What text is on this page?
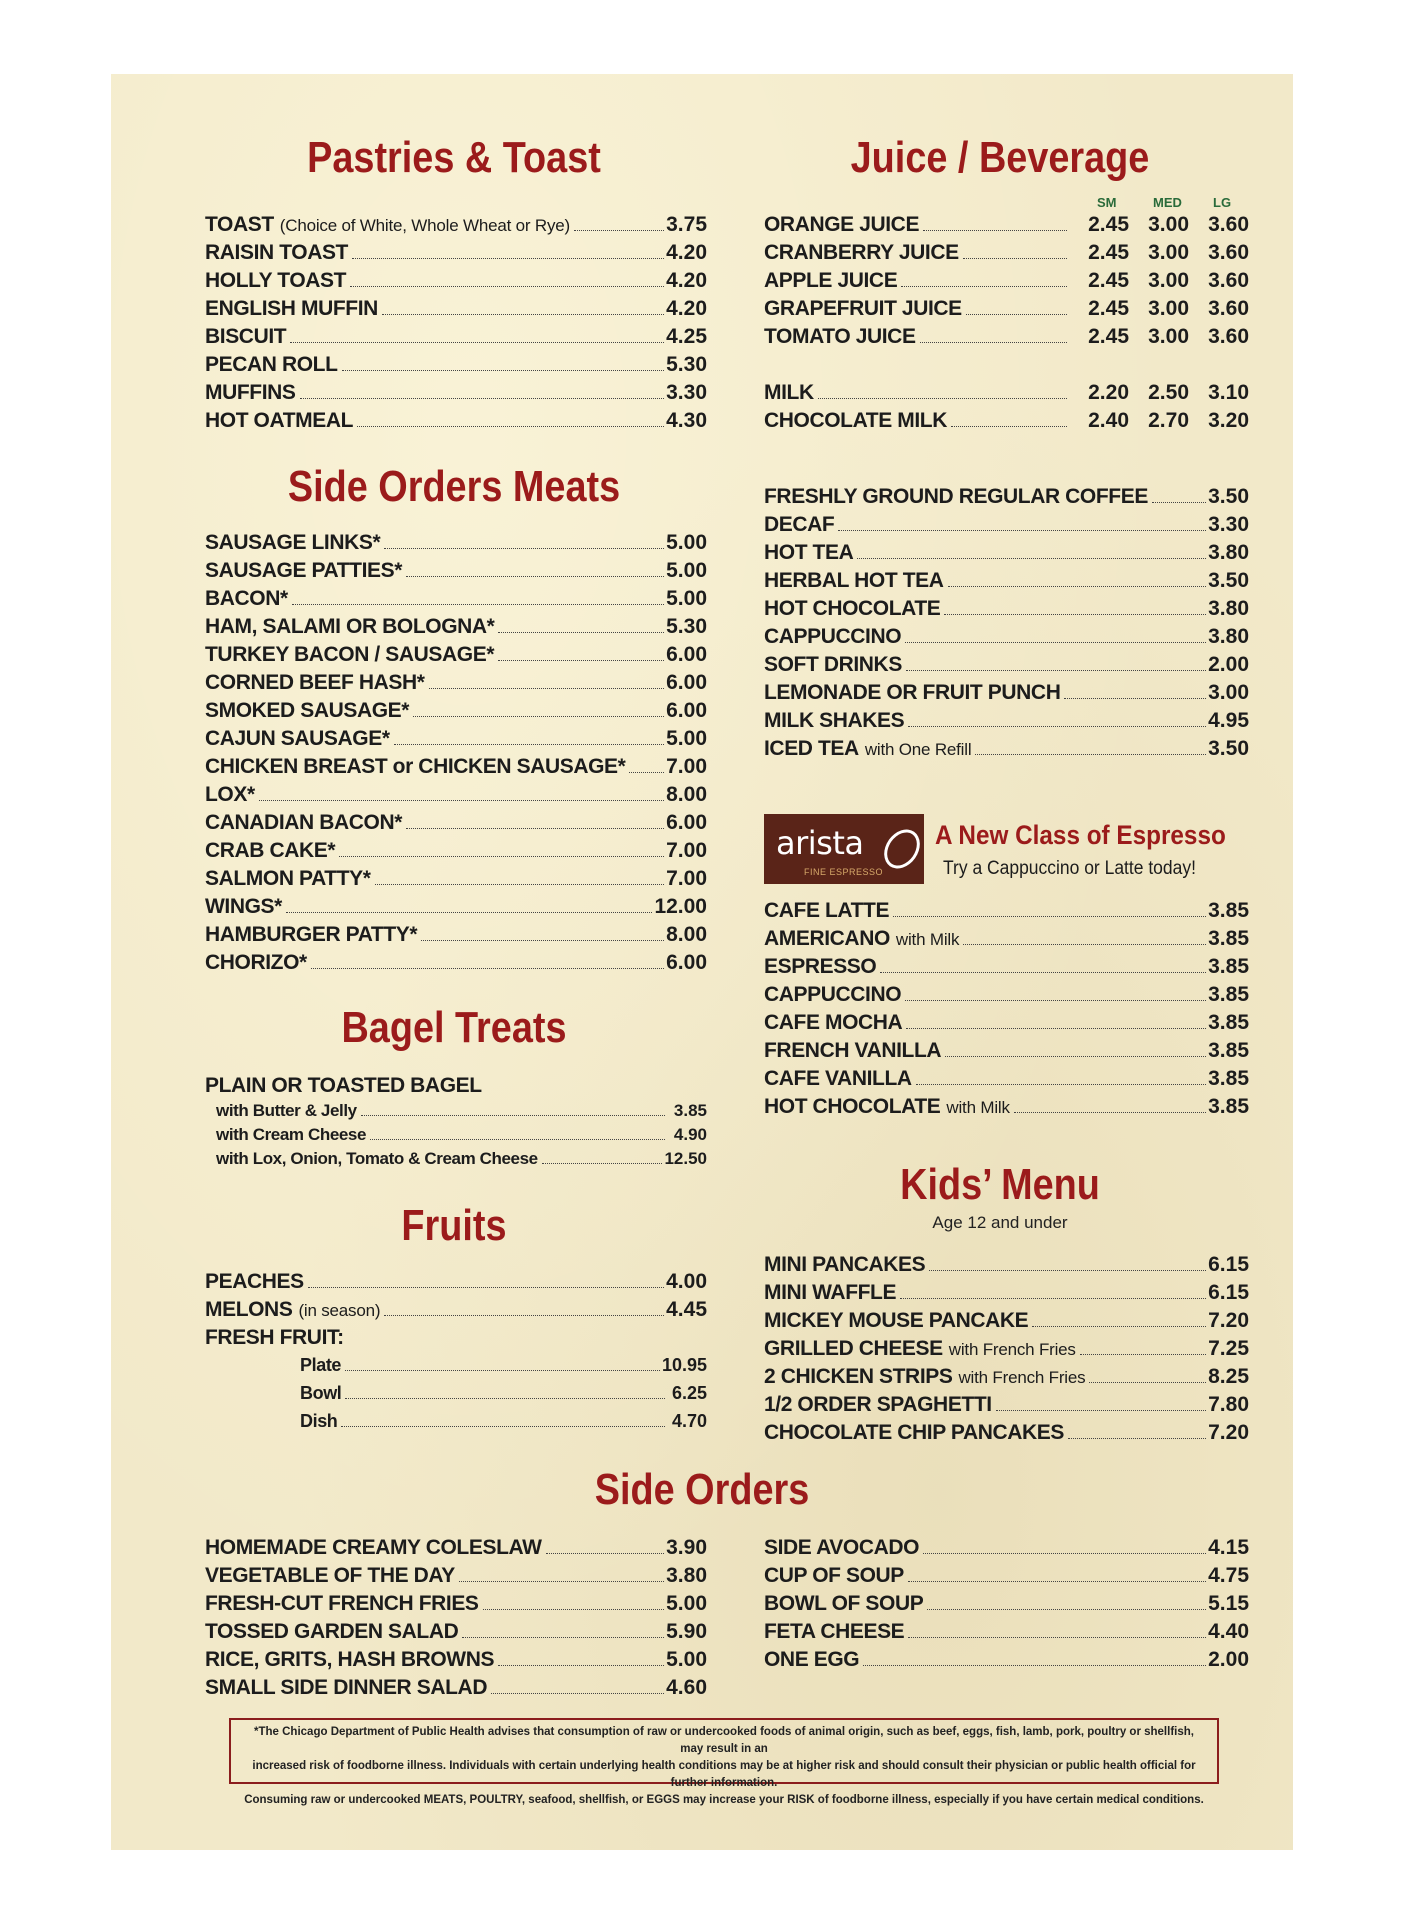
Pastries & Toast
TOAST (Choice of White, Whole Wheat or Rye)	3.75
RAISIN TOAST	4.20
HOLLY TOAST	4.20
ENGLISH MUFFIN	4.20
BISCUIT	4.25
PECAN ROLL	5.30
MUFFINS	3.30
HOT OATMEAL	4.30
Side Orders Meats
SAUSAGE LINKS*	5.00
SAUSAGE PATTIES*	5.00
BACON*	5.00
HAM, SALAMI OR BOLOGNA*	5.30
TURKEY BACON / SAUSAGE*	6.00
CORNED BEEF HASH*	6.00
SMOKED SAUSAGE*	6.00
CAJUN SAUSAGE*	5.00
CHICKEN BREAST or CHICKEN SAUSAGE* 7.00
LOX*	8.00
CANADIAN BACON*	6.00
CRAB CAKE*	7.00
SALMON PATTY*	7.00
WINGS*	12.00
HAMBURGER PATTY*	8.00
CHORIZO*	6.00
Bagel Treats
PLAIN OR TOASTED BAGEL
with Butter & Jelly	3.85
with Cream Cheese	4.90
with Lox, Onion, Tomato & Cream Cheese	12.50
Fruits
PEACHES	4.00
MELONS (in season)	4.45
FRESH FRUIT:
Plate	10.95
Bowl	6.25
Dish	4.70
Juice / Beverage
SM	MED LG
ORANGE JUICE	2.45 3.00 3.60
CRANBERRY JUICE	2.45 3.00 3.60
APPLE JUICE	2.45 3.00 3.60
GRAPEFRUIT JUICE	2.45 3.00 3.60
TOMATO JUICE	2.45 3.00 3.60
MILK	2.20 2.50 3.10
CHOCOLATE MILK	2.40 2.70 3.20
FRESHLY GROUND REGULAR COFFEE	3.50
DECAF	3.30
HOT TEA	3.80
HERBAL HOT TEA	3.50
HOT CHOCOLATE	3.80
CAPPUCCINO	3.80
SOFT DRINKS	2.00
LEMONADE OR FRUIT PUNCH	3.00
MILK SHAKES	4.95
ICED TEA with One Refill	3.50
arista
FINE ESPRESSO
A New Class of Espresso
Try a Cappuccino or Latte today!
CAFE LATTE	3.85
AMERICANO with Milk	3.85
ESPRESSO	3.85
CAPPUCCINO	3.85
CAFE MOCHA	3.85
FRENCH VANILLA	3.85
CAFE VANILLA	3.85
HOT CHOCOLATE with Milk	3.85
Kids’ Menu
Age 12 and under
MINI PANCAKES	6.15
MINI WAFFLE	6.15
MICKEY MOUSE PANCAKE	7.20
GRILLED CHEESE with French Fries	7.25
2 CHICKEN STRIPS with French Fries	8.25
1/2 ORDER SPAGHETTI	7.80
CHOCOLATE CHIP PANCAKES	7.20
Side Orders
HOMEMADE CREAMY COLESLAW	3.90
VEGETABLE OF THE DAY	3.80
FRESH-CUT FRENCH FRIES	5.00
TOSSED GARDEN SALAD	5.90
RICE, GRITS, HASH BROWNS	5.00
SMALL SIDE DINNER SALAD	4.60
SIDE AVOCADO	4.15
CUP OF SOUP	4.75
BOWL OF SOUP	5.15
FETA CHEESE	4.40
ONE EGG	2.00
*The Chicago Department of Public Health advises that consumption of raw or undercooked foods of animal origin, such as beef, eggs, fish, lamb, pork, poultry or shellfish, may result in an
increased risk of foodborne illness. Individuals with certain underlying health conditions may be at higher risk and should consult their physician or public health official for further information.
Consuming raw or undercooked MEATS, POULTRY, seafood, shellfish, or EGGS may increase your RISK of foodborne illness, especially if you have certain medical conditions.
